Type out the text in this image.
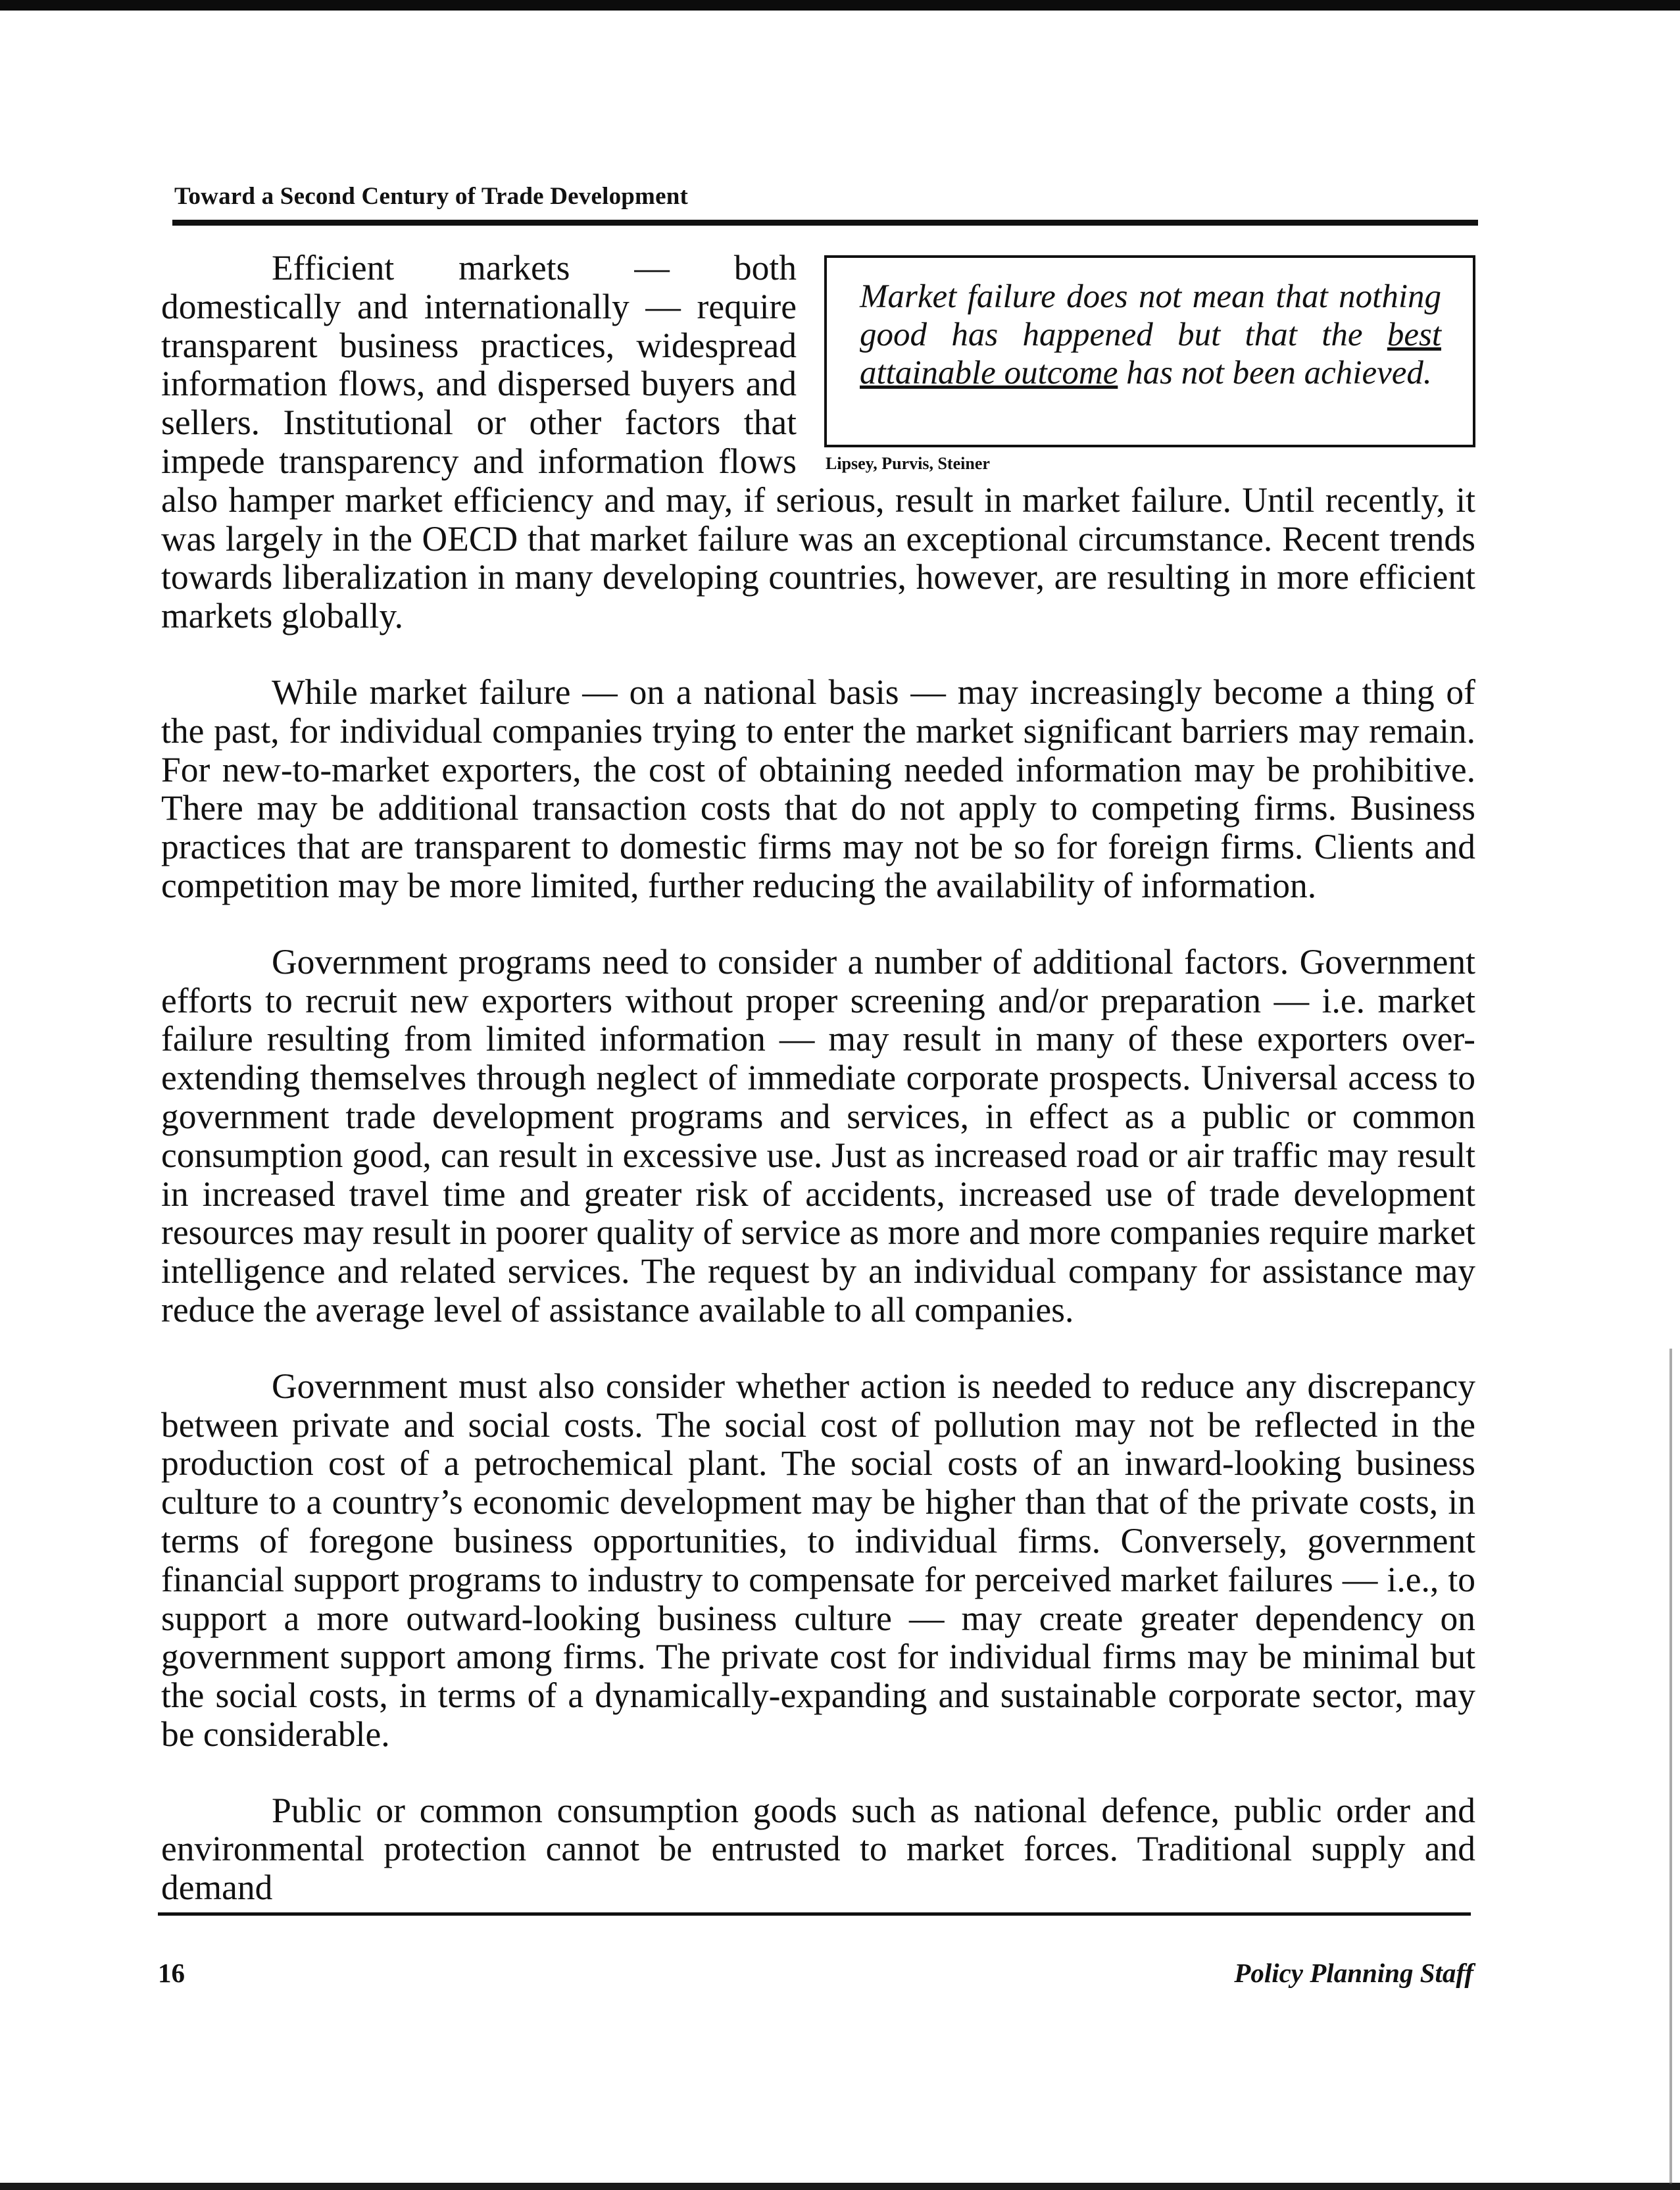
Toward a Second Century of Trade Development
Market failure does not mean that nothing good has happened but that the best attainable outcome has not been achieved.
Lipsey, Purvis, Steiner

Efficient markets — both domestically and internationally — require transparent business practices, widespread information flows, and dispersed buyers and sellers. Institutional or other factors that impede transparency and information flows also hamper market efficiency and may, if serious, result in market failure. Until recently, it was largely in the OECD that market failure was an exceptional circumstance. Recent trends towards liberalization in many developing countries, however, are resulting in more efficient markets globally.

While market failure — on a national basis — may increasingly become a thing of the past, for individual companies trying to enter the market significant barriers may remain. For new-to-market exporters, the cost of obtaining needed information may be prohibitive. There may be additional transaction costs that do not apply to competing firms. Business practices that are transparent to domestic firms may not be so for foreign firms. Clients and competition may be more limited, further reducing the availability of information.

Government programs need to consider a number of additional factors. Government efforts to recruit new exporters without proper screening and/or preparation — i.e. market failure resulting from limited information — may result in many of these exporters over-extending themselves through neglect of immediate corporate prospects. Universal access to government trade development programs and services, in effect as a public or common consumption good, can result in excessive use. Just as increased road or air traffic may result in increased travel time and greater risk of accidents, increased use of trade development resources may result in poorer quality of service as more and more companies require market intelligence and related services. The request by an individual company for assistance may reduce the average level of assistance available to all companies.

Government must also consider whether action is needed to reduce any discrepancy between private and social costs. The social cost of pollution may not be reflected in the production cost of a petrochemical plant. The social costs of an inward-looking business culture to a country’s economic development may be higher than that of the private costs, in terms of foregone business opportunities, to individual firms. Conversely, government financial support programs to industry to compensate for perceived market failures — i.e., to support a more outward-looking business culture — may create greater dependency on government support among firms. The private cost for individual firms may be minimal but the social costs, in terms of a dynamically-expanding and sustainable corporate sector, may be considerable.

Public or common consumption goods such as national defence, public order and environmental protection cannot be entrusted to market forces. Traditional supply and demand

16	Policy Planning Staff
